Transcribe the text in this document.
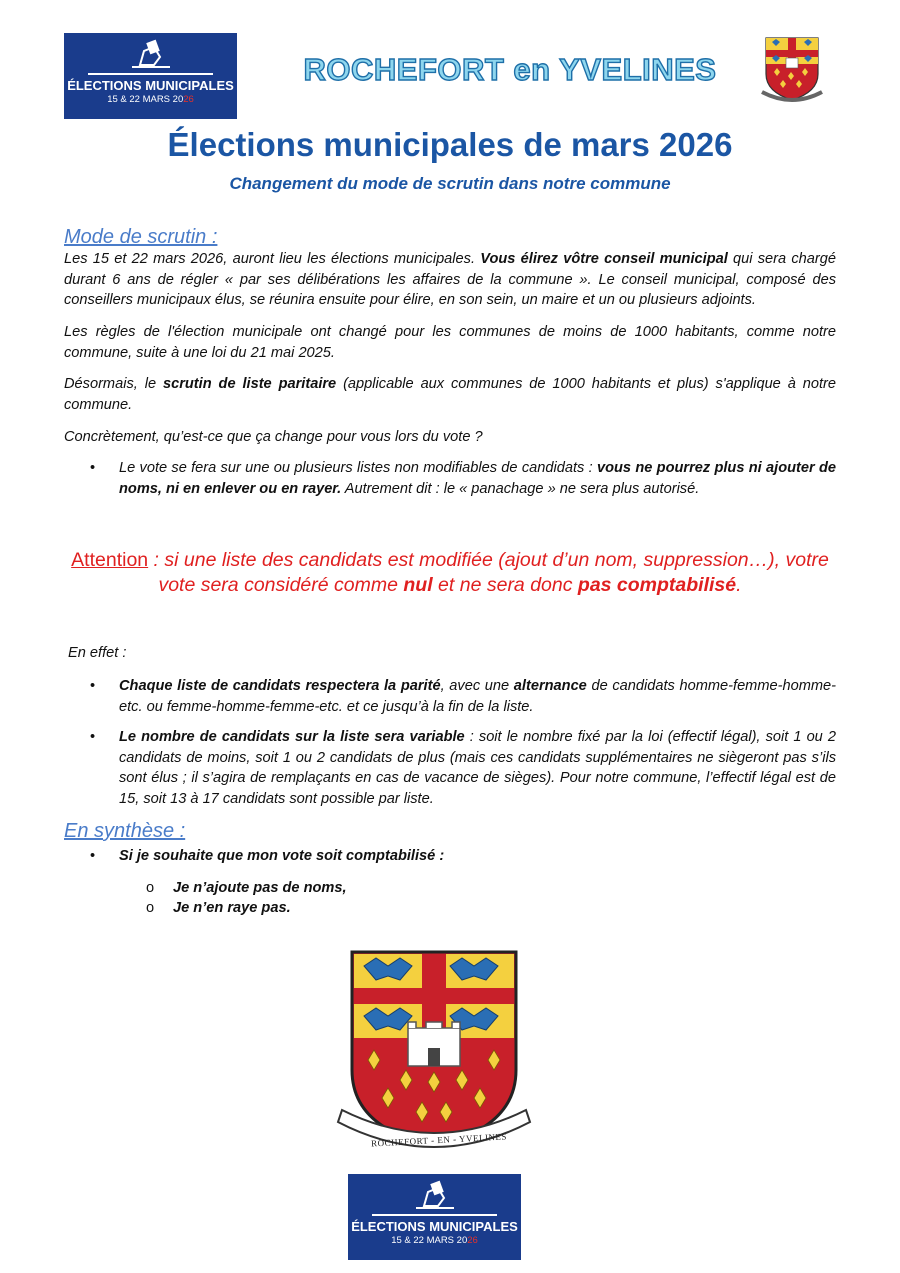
ÉLECTIONS MUNICIPALES
15 & 22 MARS 2026
ROCHEFORT en YVELINES
Élections municipales de mars 2026
Changement du mode de scrutin dans notre commune
Mode de scrutin :

Les 15 et 22 mars 2026, auront lieu les élections municipales. Vous élirez vôtre conseil municipal qui sera chargé durant 6 ans de régler « par ses délibérations les affaires de la commune ». Le conseil municipal, composé des conseillers municipaux élus, se réunira ensuite pour élire, en son sein, un maire et un ou plusieurs adjoints.

Les règles de l'élection municipale ont changé pour les communes de moins de 1000 habitants, comme notre commune, suite à une loi du 21 mai 2025.

Désormais, le scrutin de liste paritaire (applicable aux communes de 1000 habitants et plus) s'applique à notre commune.

Concrètement, qu’est-ce que ça change pour vous lors du vote ?

• Le vote se fera sur une ou plusieurs listes non modifiables de candidats : vous ne pourrez plus ni ajouter de noms, ni en enlever ou en rayer. Autrement dit : le « panachage » ne sera plus autorisé.
Attention : si une liste des candidats est modifiée (ajout d’un nom, suppression…), votre vote sera considéré comme nul et ne sera donc pas comptabilisé.
En effet :
• Chaque liste de candidats respectera la parité, avec une alternance de candidats homme-femme-homme-etc. ou femme-homme-femme-etc. et ce jusqu’à la fin de la liste.
• Le nombre de candidats sur la liste sera variable : soit le nombre fixé par la loi (effectif légal), soit 1 ou 2 candidats de moins, soit 1 ou 2 candidats de plus (mais ces candidats supplémentaires ne siègeront pas s’ils sont élus ; il s’agira de remplaçants en cas de vacance de sièges). Pour notre commune, l’effectif légal est de 15, soit 13 à 17 candidats sont possible par liste.
En synthèse :
• Si je souhaite que mon vote soit comptabilisé :
o Je n’ajoute pas de noms,
o Je n’en raye pas.
ROCHEFORT - EN - YVELINES
ÉLECTIONS MUNICIPALES
15 & 22 MARS 2026
